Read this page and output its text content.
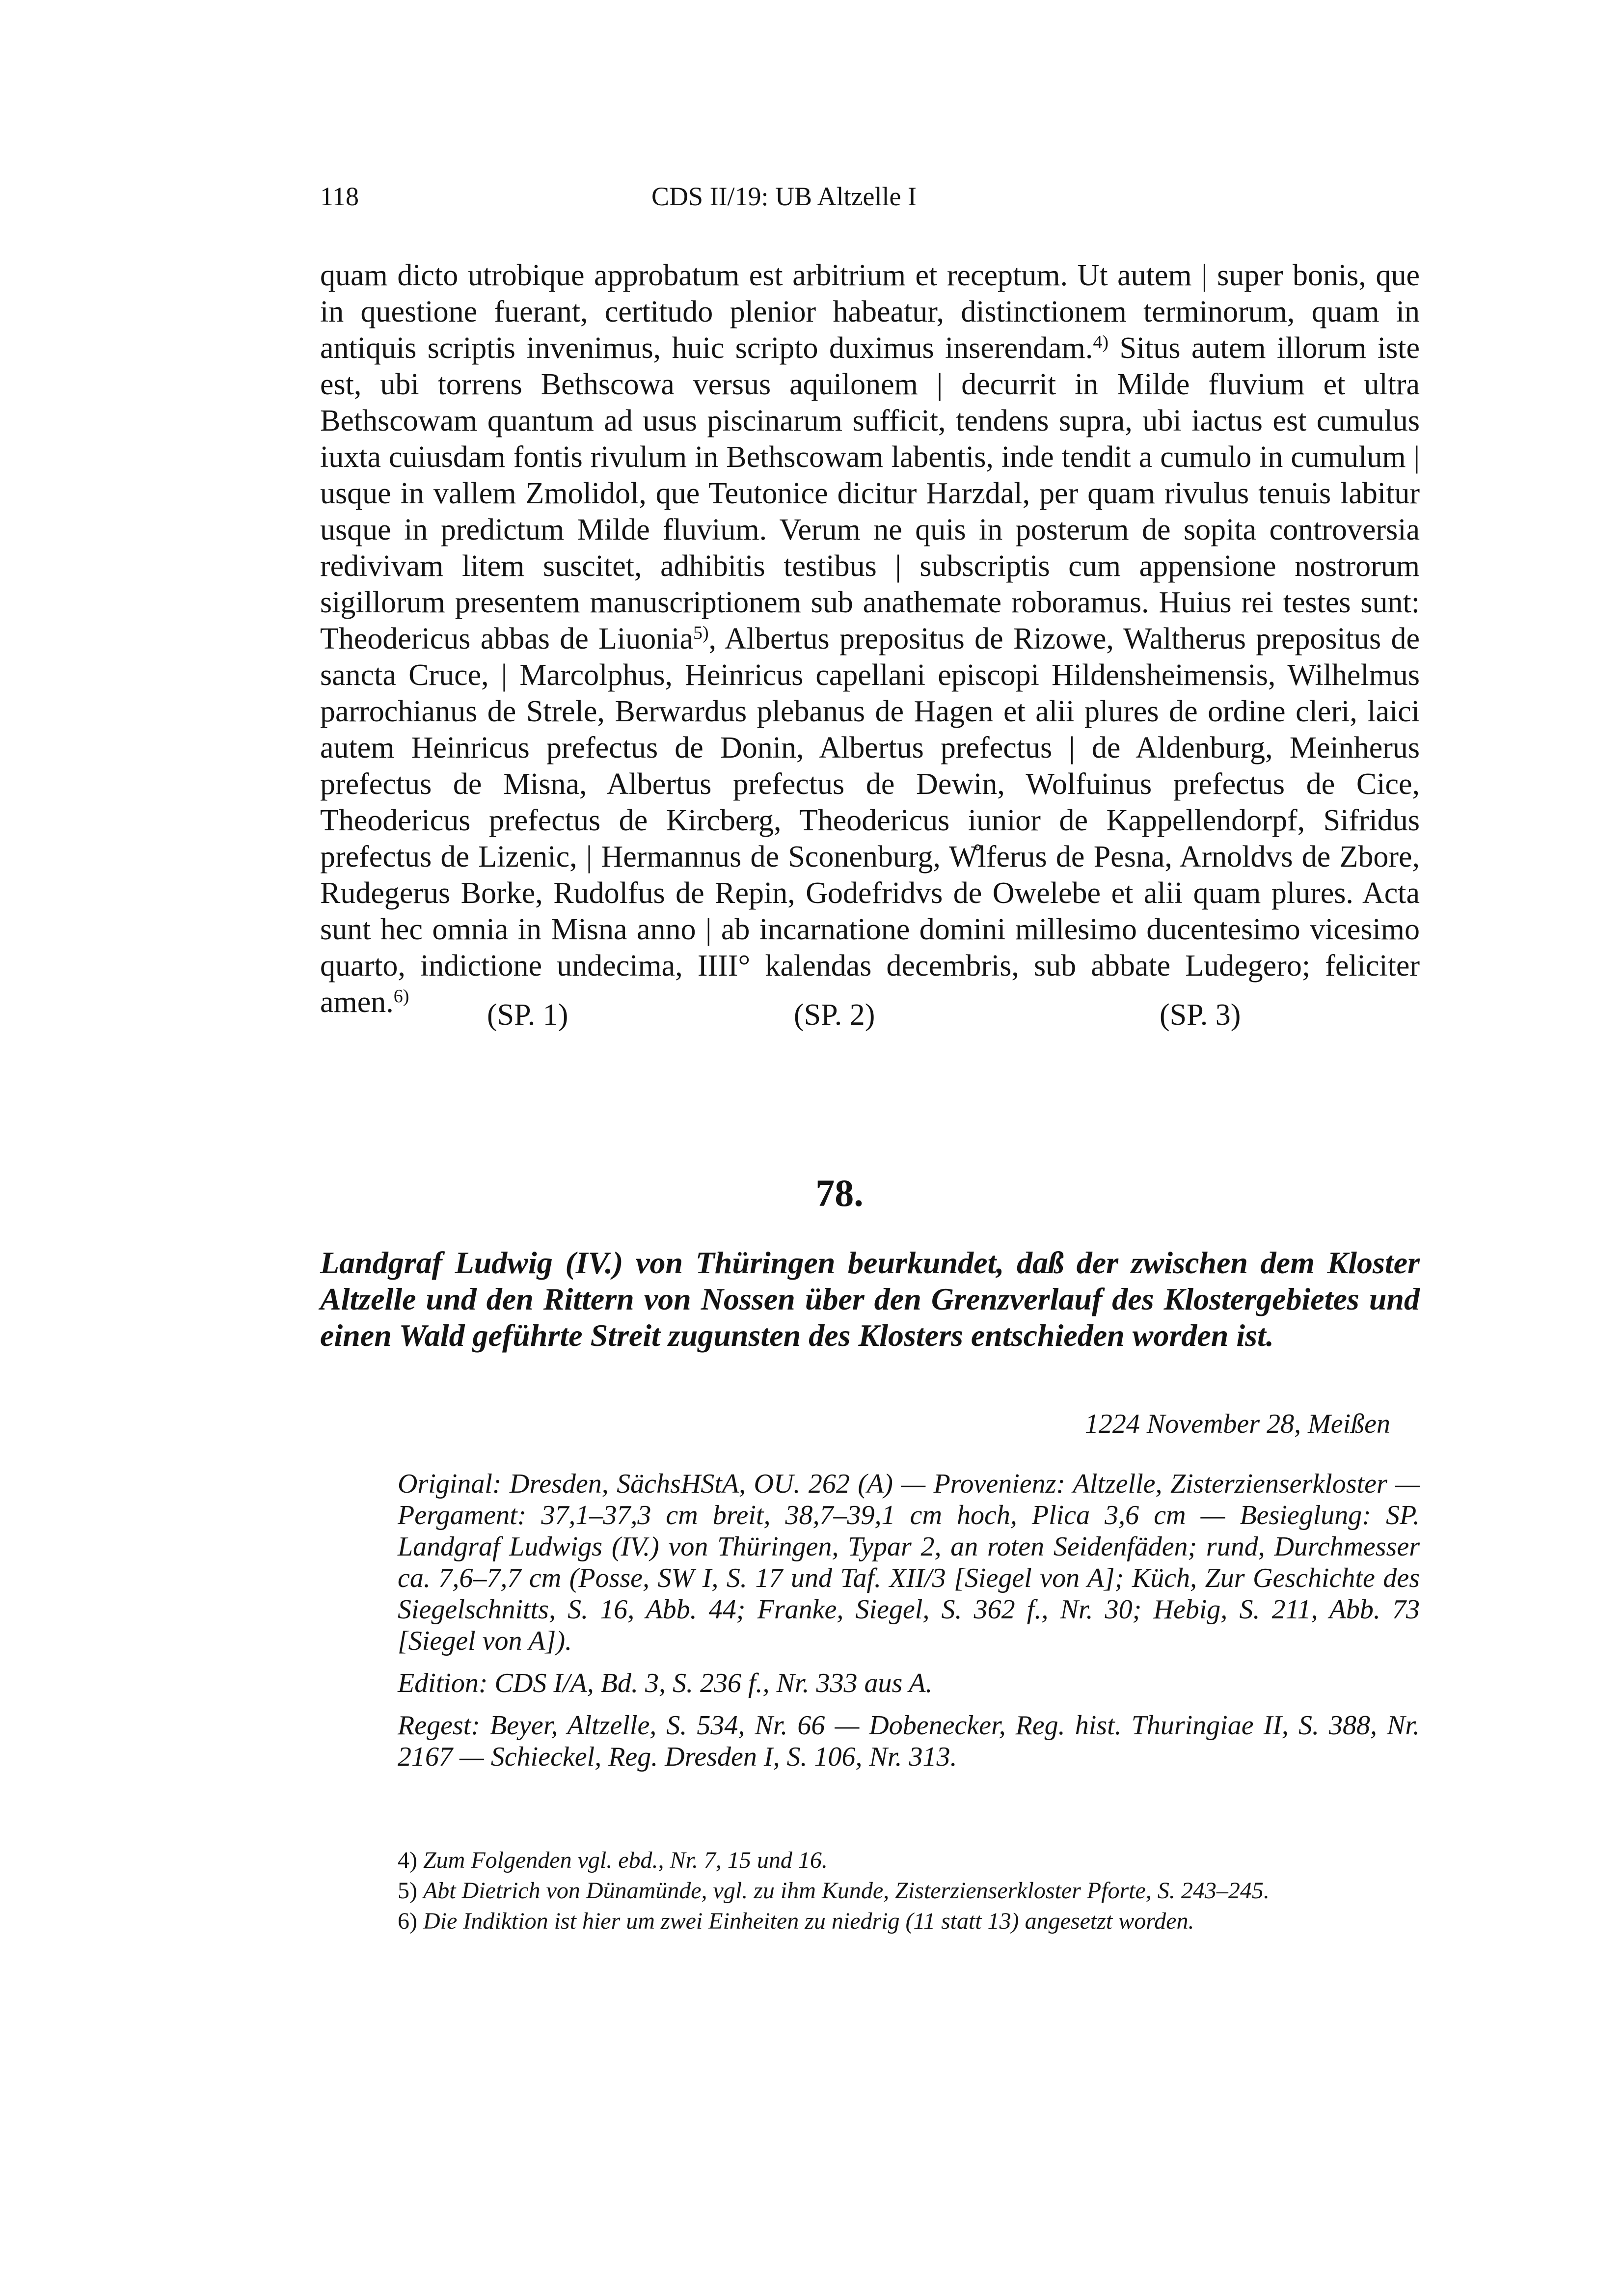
118	CDS II/19: UB Altzelle I
quam dicto utrobique approbatum est arbitrium et receptum. Ut autem | super bonis, que in questione fuerant, certitudo plenior habeatur, distinctionem terminorum, quam in antiquis scriptis invenimus, huic scripto duximus inserendam.$^{4)}$ Situs autem illorum iste est, ubi torrens Bethscowa versus aquilonem | decurrit in Milde fluvium et ultra Bethscowam quantum ad usus piscinarum sufficit, tendens supra, ubi iactus est cumulus iuxta cuiusdam fontis rivulum in Bethscowam labentis, inde tendit a cumulo in cumulum | usque in vallem Zmolidol, que Teutonice dicitur Harzdal, per quam rivulus tenuis labitur usque in predictum Milde fluvium. Verum ne quis in posterum de sopita controversia redivivam litem suscitet, adhibitis testibus | subscriptis cum appensione nostrorum sigillorum presentem manuscriptionem sub anathemate roboramus. Huius rei testes sunt: Theodericus abbas de Liuonia$^{5)}$, Albertus prepositus de Rizowe, Waltherus prepositus de sancta Cruce, | Marcolphus, Heinricus capellani episcopi Hildensheimensis, Wilhelmus parrochianus de Strele, Berwardus plebanus de Hagen et alii plures de ordine cleri, laici autem Heinricus prefectus de Donin, Albertus prefectus | de Aldenburg, Meinherus prefectus de Misna, Albertus prefectus de Dewin, Wolfuinus prefectus de Cice, Theodericus prefectus de Kircberg, Theodericus iunior de Kappellendorpf, Sifridus prefectus de Lizenic, | Hermannus de Sconenburg, W̊lferus de Pesna, Arnoldvs de Zbore, Rudegerus Borke, Rudolfus de Repin, Godefridvs de Owelebe et alii quam plures. Acta sunt hec omnia in Misna anno | ab incarnatione domini millesimo ducentesimo vicesimo quarto, indictione undecima, IIII° kalendas decembris, sub abbate Ludegero; feliciter amen.$^{6)}$
(SP. 1)	(SP. 2)	(SP. 3)
78.
Landgraf Ludwig (IV.) von Thüringen beurkundet, daß der zwischen dem Kloster Altzelle und den Rittern von Nossen über den Grenzverlauf des Klostergebietes und einen Wald geführte Streit zugunsten des Klosters entschieden worden ist.
1224 November 28, Meißen

Original: Dresden, SächsHStA, OU. 262 (A) — Provenienz: Altzelle, Zisterzienserkloster — Pergament: 37,1–37,3 cm breit, 38,7–39,1 cm hoch, Plica 3,6 cm — Besieglung: SP. Landgraf Ludwigs (IV.) von Thüringen, Typar 2, an roten Seidenfäden; rund, Durchmesser ca. 7,6–7,7 cm (Posse, SW I, S. 17 und Taf. XII/3 [Siegel von A]; Küch, Zur Geschichte des Siegelschnitts, S. 16, Abb. 44; Franke, Siegel, S. 362 f., Nr. 30; Hebig, S. 211, Abb. 73 [Siegel von A]).

Edition: CDS I/A, Bd. 3, S. 236 f., Nr. 333 aus A.

Regest: Beyer, Altzelle, S. 534, Nr. 66 — Dobenecker, Reg. hist. Thuringiae II, S. 388, Nr. 2167 — Schieckel, Reg. Dresden I, S. 106, Nr. 313.

4) Zum Folgenden vgl. ebd., Nr. 7, 15 und 16.
5) Abt Dietrich von Dünamünde, vgl. zu ihm Kunde, Zisterzienserkloster Pforte, S. 243–245.
6) Die Indiktion ist hier um zwei Einheiten zu niedrig (11 statt 13) angesetzt worden.
